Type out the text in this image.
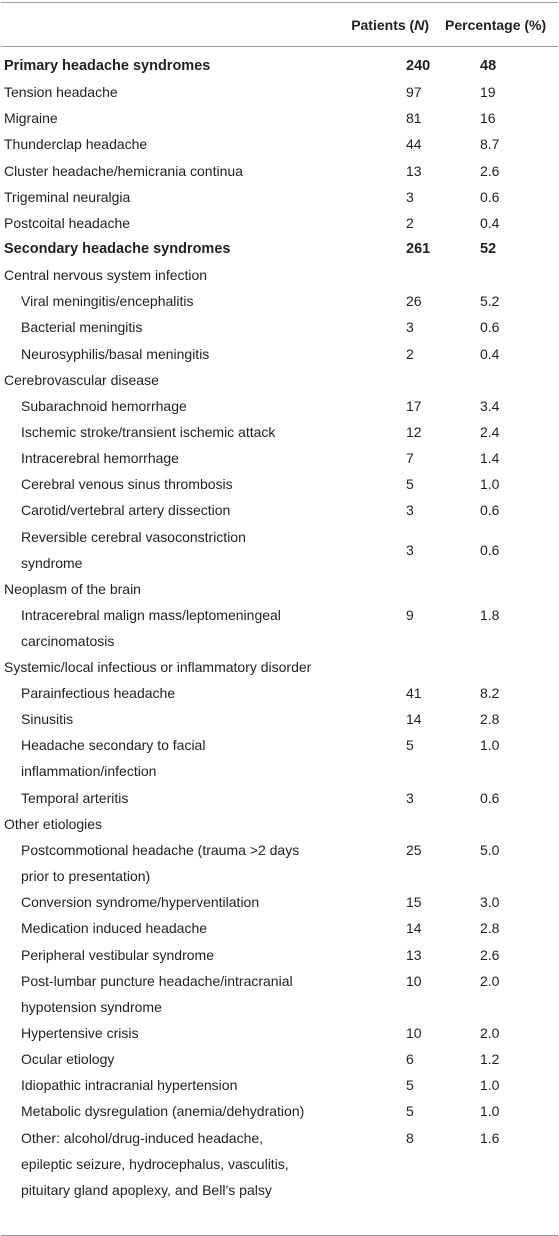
	Patients (N)	Percentage (%)

Primary headache syndromes	240	48
Tension headache	97	19
Migraine	81	16
Thunderclap headache	44	8.7
Cluster headache/hemicrania continua	13	2.6
Trigeminal neuralgia	3	0.6
Postcoital headache	2	0.4
Secondary headache syndromes	261	52
Central nervous system infection		
Viral meningitis/encephalitis	26	5.2
Bacterial meningitis	3	0.6
Neurosyphilis/basal meningitis	2	0.4
Cerebrovascular disease		
Subarachnoid hemorrhage	17	3.4
Ischemic stroke/transient ischemic attack	12	2.4
Intracerebral hemorrhage	7	1.4
Cerebral venous sinus thrombosis	5	1.0
Carotid/vertebral artery dissection	3	0.6
Reversible cerebral vasoconstriction syndrome	3	0.6
Neoplasm of the brain		
Intracerebral malign mass/leptomeningeal carcinomatosis	9	1.8
Systemic/local infectious or inflammatory disorder		
Parainfectious headache	41	8.2
Sinusitis	14	2.8
Headache secondary to facial inflammation/infection	5	1.0
Temporal arteritis	3	0.6
Other etiologies		
Postcommotional headache (trauma >2 days prior to presentation)	25	5.0
Conversion syndrome/hyperventilation	15	3.0
Medication induced headache	14	2.8
Peripheral vestibular syndrome	13	2.6
Post-lumbar puncture headache/intracranial hypotension syndrome	10	2.0
Hypertensive crisis	10	2.0
Ocular etiology	6	1.2
Idiopathic intracranial hypertension	5	1.0
Metabolic dysregulation (anemia/dehydration)	5	1.0
Other: alcohol/drug-induced headache, epileptic seizure, hydrocephalus, vasculitis, pituitary gland apoplexy, and Bell’s palsy	8	1.6
